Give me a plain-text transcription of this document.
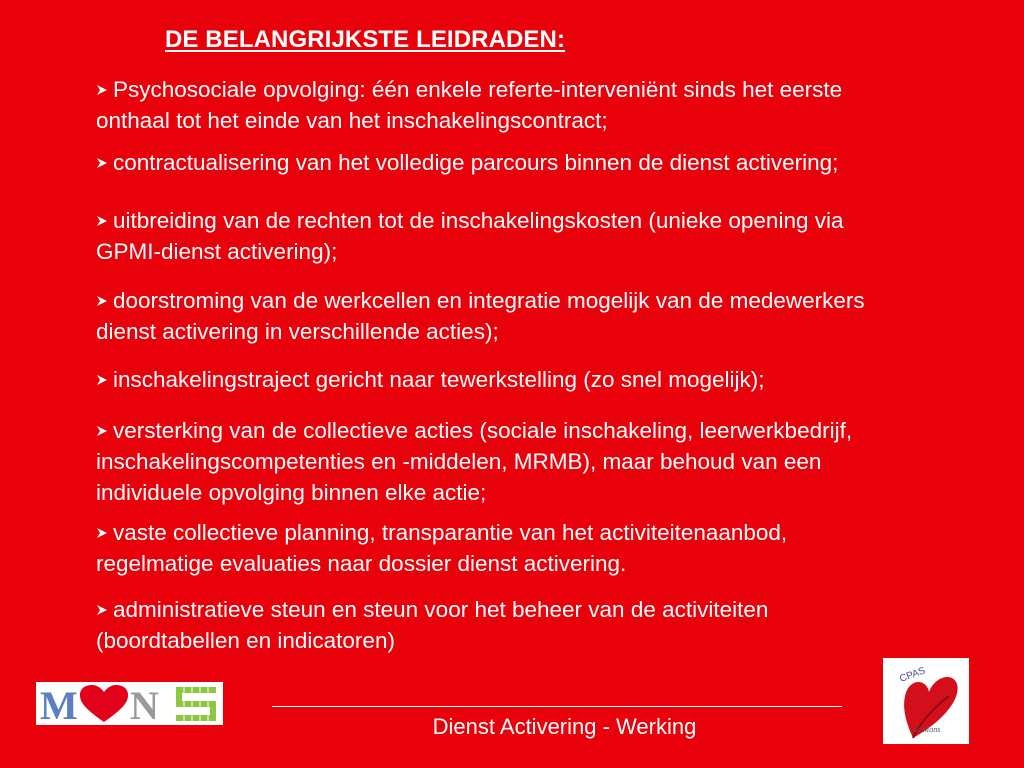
DE BELANGRIJKSTE LEIDRADEN:
Psychosociale opvolging: één enkele referte-interveniënt sinds het eerste onthaal tot het einde van het inschakelingscontract;
contractualisering van het volledige parcours binnen de dienst activering;
uitbreiding van de rechten tot de inschakelingskosten (unieke opening via GPMI-dienst activering);
doorstroming van de werkcellen en integratie mogelijk van de medewerkers dienst activering in verschillende acties);
inschakelingstraject gericht naar tewerkstelling (zo snel mogelijk);
versterking van de collectieve acties (sociale inschakeling, leerwerkbedrijf, inschakelingscompetenties en -middelen, MRMB), maar behoud van een individuele opvolging binnen elke actie;
vaste collectieve planning, transparantie van het activiteitenaanbod, regelmatige evaluaties naar dossier dienst activering.
administratieve steun en steun voor het beheer van de activiteiten (boordtabellen en indicatoren)
M N	Dienst Activering - Werking
CPAS
de Mons
